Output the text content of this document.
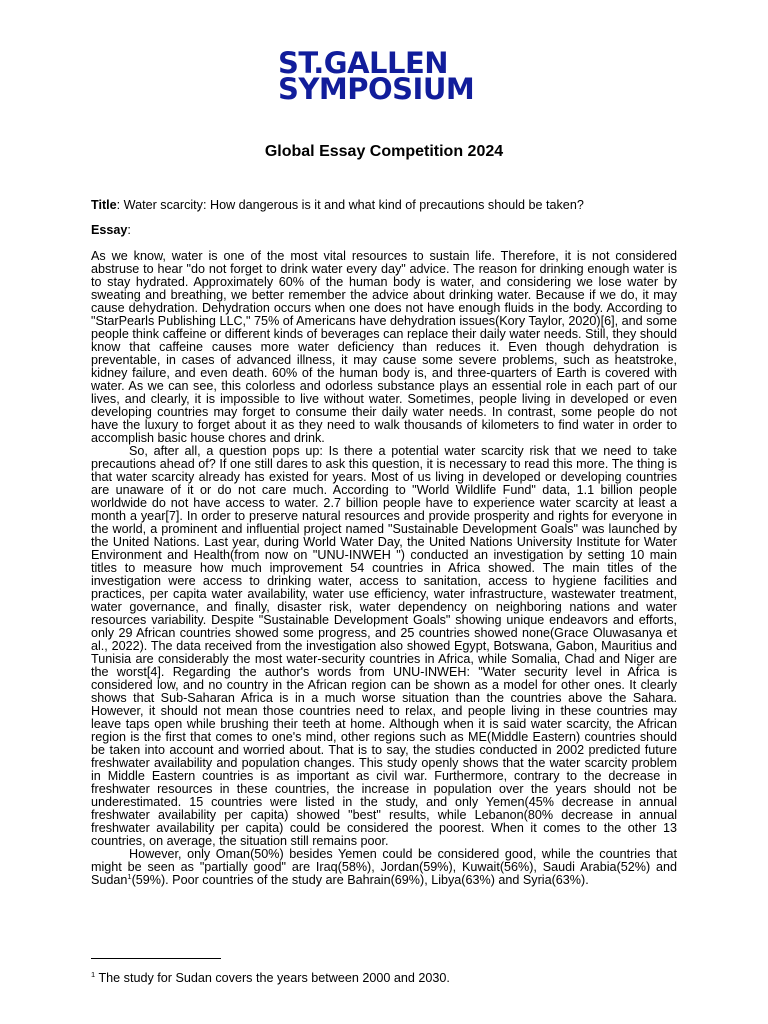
ST.GALLEN
SYMPOSIUM
Global Essay Competition 2024
Title: Water scarcity: How dangerous is it and what kind of precautions should be taken?
Essay:

As we know, water is one of the most vital resources to sustain life. Therefore, it is not considered abstruse to hear "do not forget to drink water every day" advice. The reason for drinking enough water is to stay hydrated. Approximately 60% of the human body is water, and considering we lose water by sweating and breathing, we better remember the advice about drinking water. Because if we do, it may cause dehydration. Dehydration occurs when one does not have enough fluids in the body. According to "StarPearls Publishing LLC," 75% of Americans have dehydration issues(Kory Taylor, 2020)[6], and some people think caffeine or different kinds of beverages can replace their daily water needs. Still, they should know that caffeine causes more water deficiency than reduces it. Even though dehydration is preventable, in cases of advanced illness, it may cause some severe problems, such as heatstroke, kidney failure, and even death. 60% of the human body is, and three-quarters of Earth is covered with water. As we can see, this colorless and odorless substance plays an essential role in each part of our lives, and clearly, it is impossible to live without water. Sometimes, people living in developed or even developing countries may forget to consume their daily water needs. In contrast, some people do not have the luxury to forget about it as they need to walk thousands of kilometers to find water in order to accomplish basic house chores and drink.

So, after all, a question pops up: Is there a potential water scarcity risk that we need to take precautions ahead of? If one still dares to ask this question, it is necessary to read this more. The thing is that water scarcity already has existed for years. Most of us living in developed or developing countries are unaware of it or do not care much. According to "World Wildlife Fund" data, 1.1 billion people worldwide do not have access to water. 2.7 billion people have to experience water scarcity at least a month a year[7]. In order to preserve natural resources and provide prosperity and rights for everyone in the world, a prominent and influential project named "Sustainable Development Goals" was launched by the United Nations. Last year, during World Water Day, the United Nations University Institute for Water Environment and Health(from now on "UNU-INWEH ") conducted an investigation by setting 10 main titles to measure how much improvement 54 countries in Africa showed. The main titles of the investigation were access to drinking water, access to sanitation, access to hygiene facilities and practices, per capita water availability, water use efficiency, water infrastructure, wastewater treatment, water governance, and finally, disaster risk, water dependency on neighboring nations and water resources variability. Despite "Sustainable Development Goals" showing unique endeavors and efforts, only 29 African countries showed some progress, and 25 countries showed none(Grace Oluwasanya et al., 2022). The data received from the investigation also showed Egypt, Botswana, Gabon, Mauritius and Tunisia are considerably the most water-security countries in Africa, while Somalia, Chad and Niger are the worst[4]. Regarding the author's words from UNU-INWEH: "Water security level in Africa is considered low, and no country in the African region can be shown as a model for other ones. It clearly shows that Sub-Saharan Africa is in a much worse situation than the countries above the Sahara. However, it should not mean those countries need to relax, and people living in these countries may leave taps open while brushing their teeth at home. Although when it is said water scarcity, the African region is the first that comes to one's mind, other regions such as ME(Middle Eastern) countries should be taken into account and worried about. That is to say, the studies conducted in 2002 predicted future freshwater availability and population changes. This study openly shows that the water scarcity problem in Middle Eastern countries is as important as civil war. Furthermore, contrary to the decrease in freshwater resources in these countries, the increase in population over the years should not be underestimated. 15 countries were listed in the study, and only Yemen(45% decrease in annual freshwater availability per capita) showed "best" results, while Lebanon(80% decrease in annual freshwater availability per capita) could be considered the poorest. When it comes to the other 13 countries, on average, the situation still remains poor.

However, only Oman(50%) besides Yemen could be considered good, while the countries that might be seen as "partially good" are Iraq(58%), Jordan(59%), Kuwait(56%), Saudi Arabia(52%) and Sudan$^1$(59%). Poor countries of the study are Bahrain(69%), Libya(63%) and Syria(63%).

$^1$ The study for Sudan covers the years between 2000 and 2030.
